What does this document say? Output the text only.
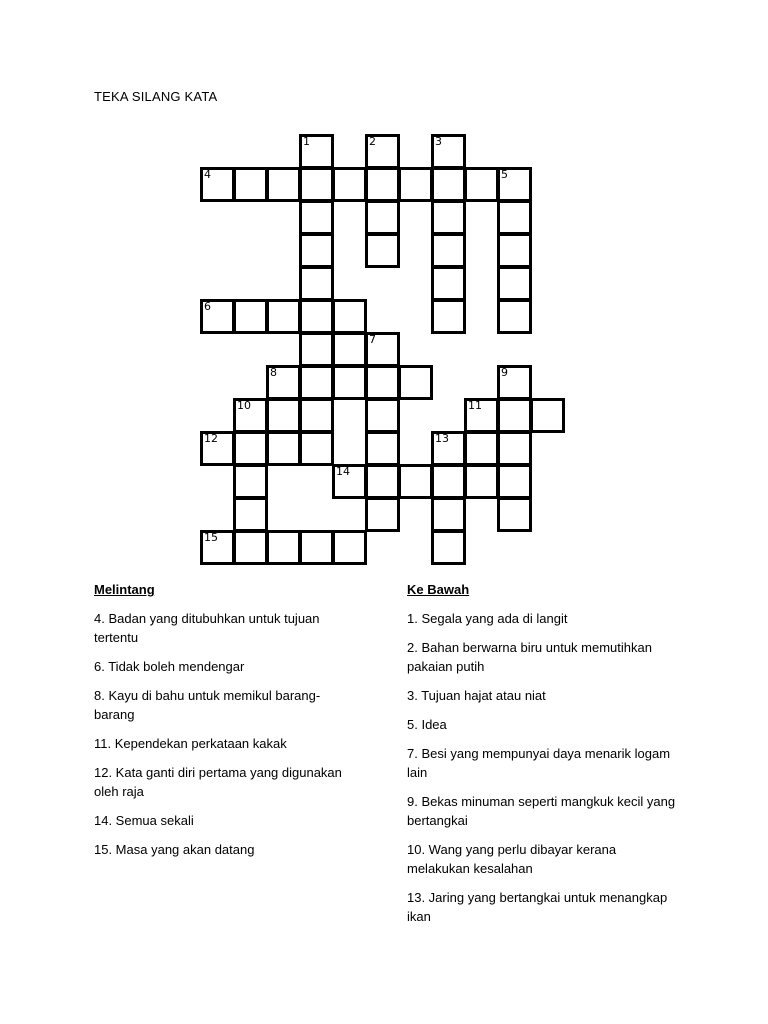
TEKA SILANG KATA
1	2	3
4	5
6
7
8	9
10	11
12	13
14
15
Melintang
4. Badan yang ditubuhkan untuk tujuan tertentu
6. Tidak boleh mendengar
8. Kayu di bahu untuk memikul barang-barang
11. Kependekan perkataan kakak
12. Kata ganti diri pertama yang digunakan oleh raja
14. Semua sekali
15. Masa yang akan datang
Ke Bawah
1. Segala yang ada di langit
2. Bahan berwarna biru untuk memutihkan pakaian putih
3. Tujuan hajat atau niat
5. Idea
7. Besi yang mempunyai daya menarik logam lain
9. Bekas minuman seperti mangkuk kecil yang bertangkai
10. Wang yang perlu dibayar kerana melakukan kesalahan
13. Jaring yang bertangkai untuk menangkap ikan
